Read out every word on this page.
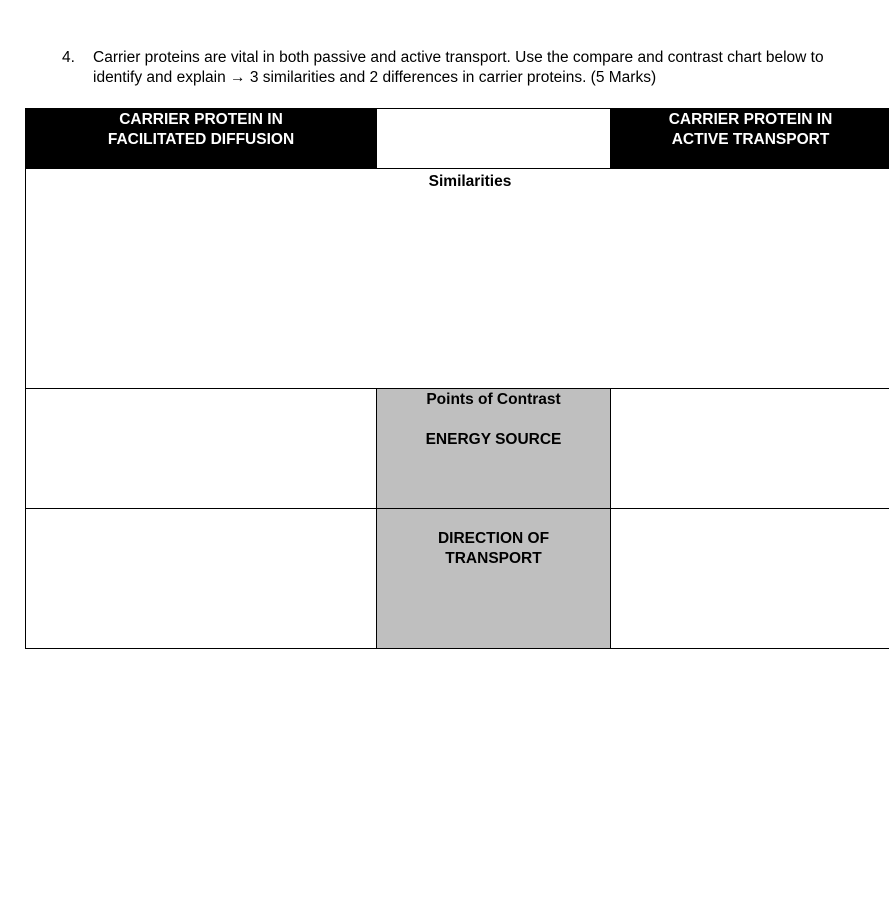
4. Carrier proteins are vital in both passive and active transport. Use the compare and contrast chart below to
identify and explain → 3 similarities and 2 differences in carrier proteins. (5 Marks)
CARRIER PROTEIN IN
FACILITATED DIFFUSION
CARRIER PROTEIN IN
ACTIVE TRANSPORT
Similarities
Points of Contrast
ENERGY SOURCE
DIRECTION OF
TRANSPORT
